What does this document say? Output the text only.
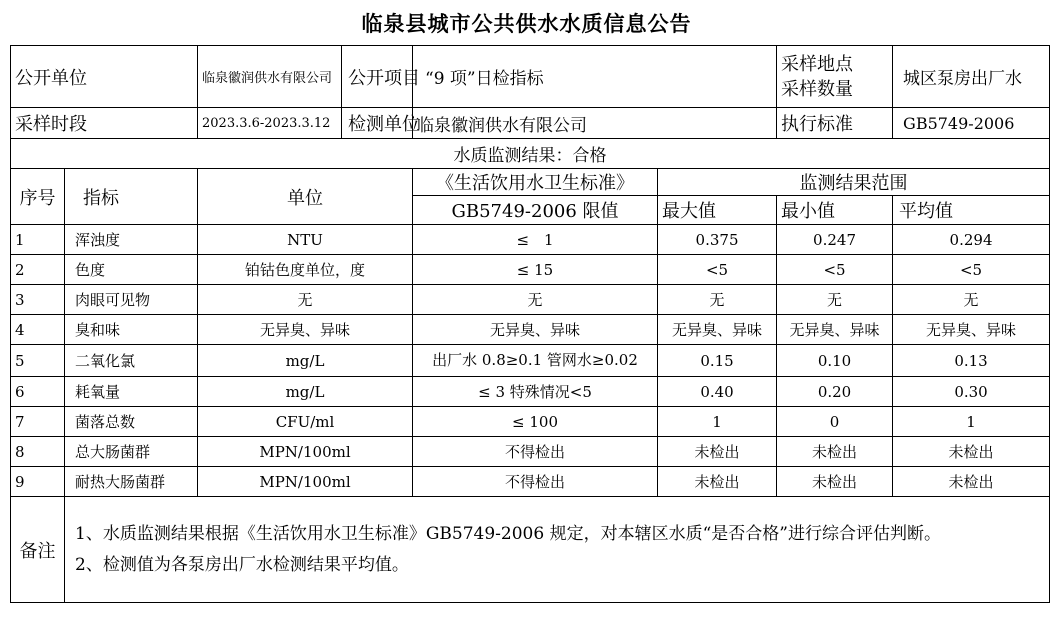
临泉县城市公共供水水质信息公告
公开单位		临泉徽润供水有限公司	公开项目	“9 项”日检指标		采样地点
采样数量	城区泵房出厂水
采样时段		2023.3.6-2023.3.12	检测单位	临泉徽润供水有限公司		执行标准	GB5749-2006
水质监测结果：合格							
序号	指标	单位		《生活饮用水卫生标准》	监测结果范围		
				GB5749-2006 限值	最大值	最小值	平均值
1	浑浊度	NTU		≤　1	0.375	0.247	0.294
2	色度	铂钴色度单位，度		≤ 15	<5	<5	<5
3	肉眼可见物	无		无	无	无	无
4	臭和味	无异臭、异味		无异臭、异味	无异臭、异味	无异臭、异味	无异臭、异味
5	二氧化氯	mg/L		出厂水 0.8≥0.1 管网水≥0.02	0.15	0.10	0.13
6	耗氧量	mg/L		≤ 3 特殊情况<5	0.40	0.20	0.30
7	菌落总数	CFU/ml		≤ 100	1	0	1
8	总大肠菌群	MPN/100ml		不得检出	未检出	未检出	未检出
9	耐热大肠菌群	MPN/100ml		不得检出	未检出	未检出	未检出
备注	1、水质监测结果根据《生活饮用水卫生标准》GB5749-2006 规定，对本辖区水质“是否合格”进行综合评估判断。
2、检测值为各泵房出厂水检测结果平均值。						
